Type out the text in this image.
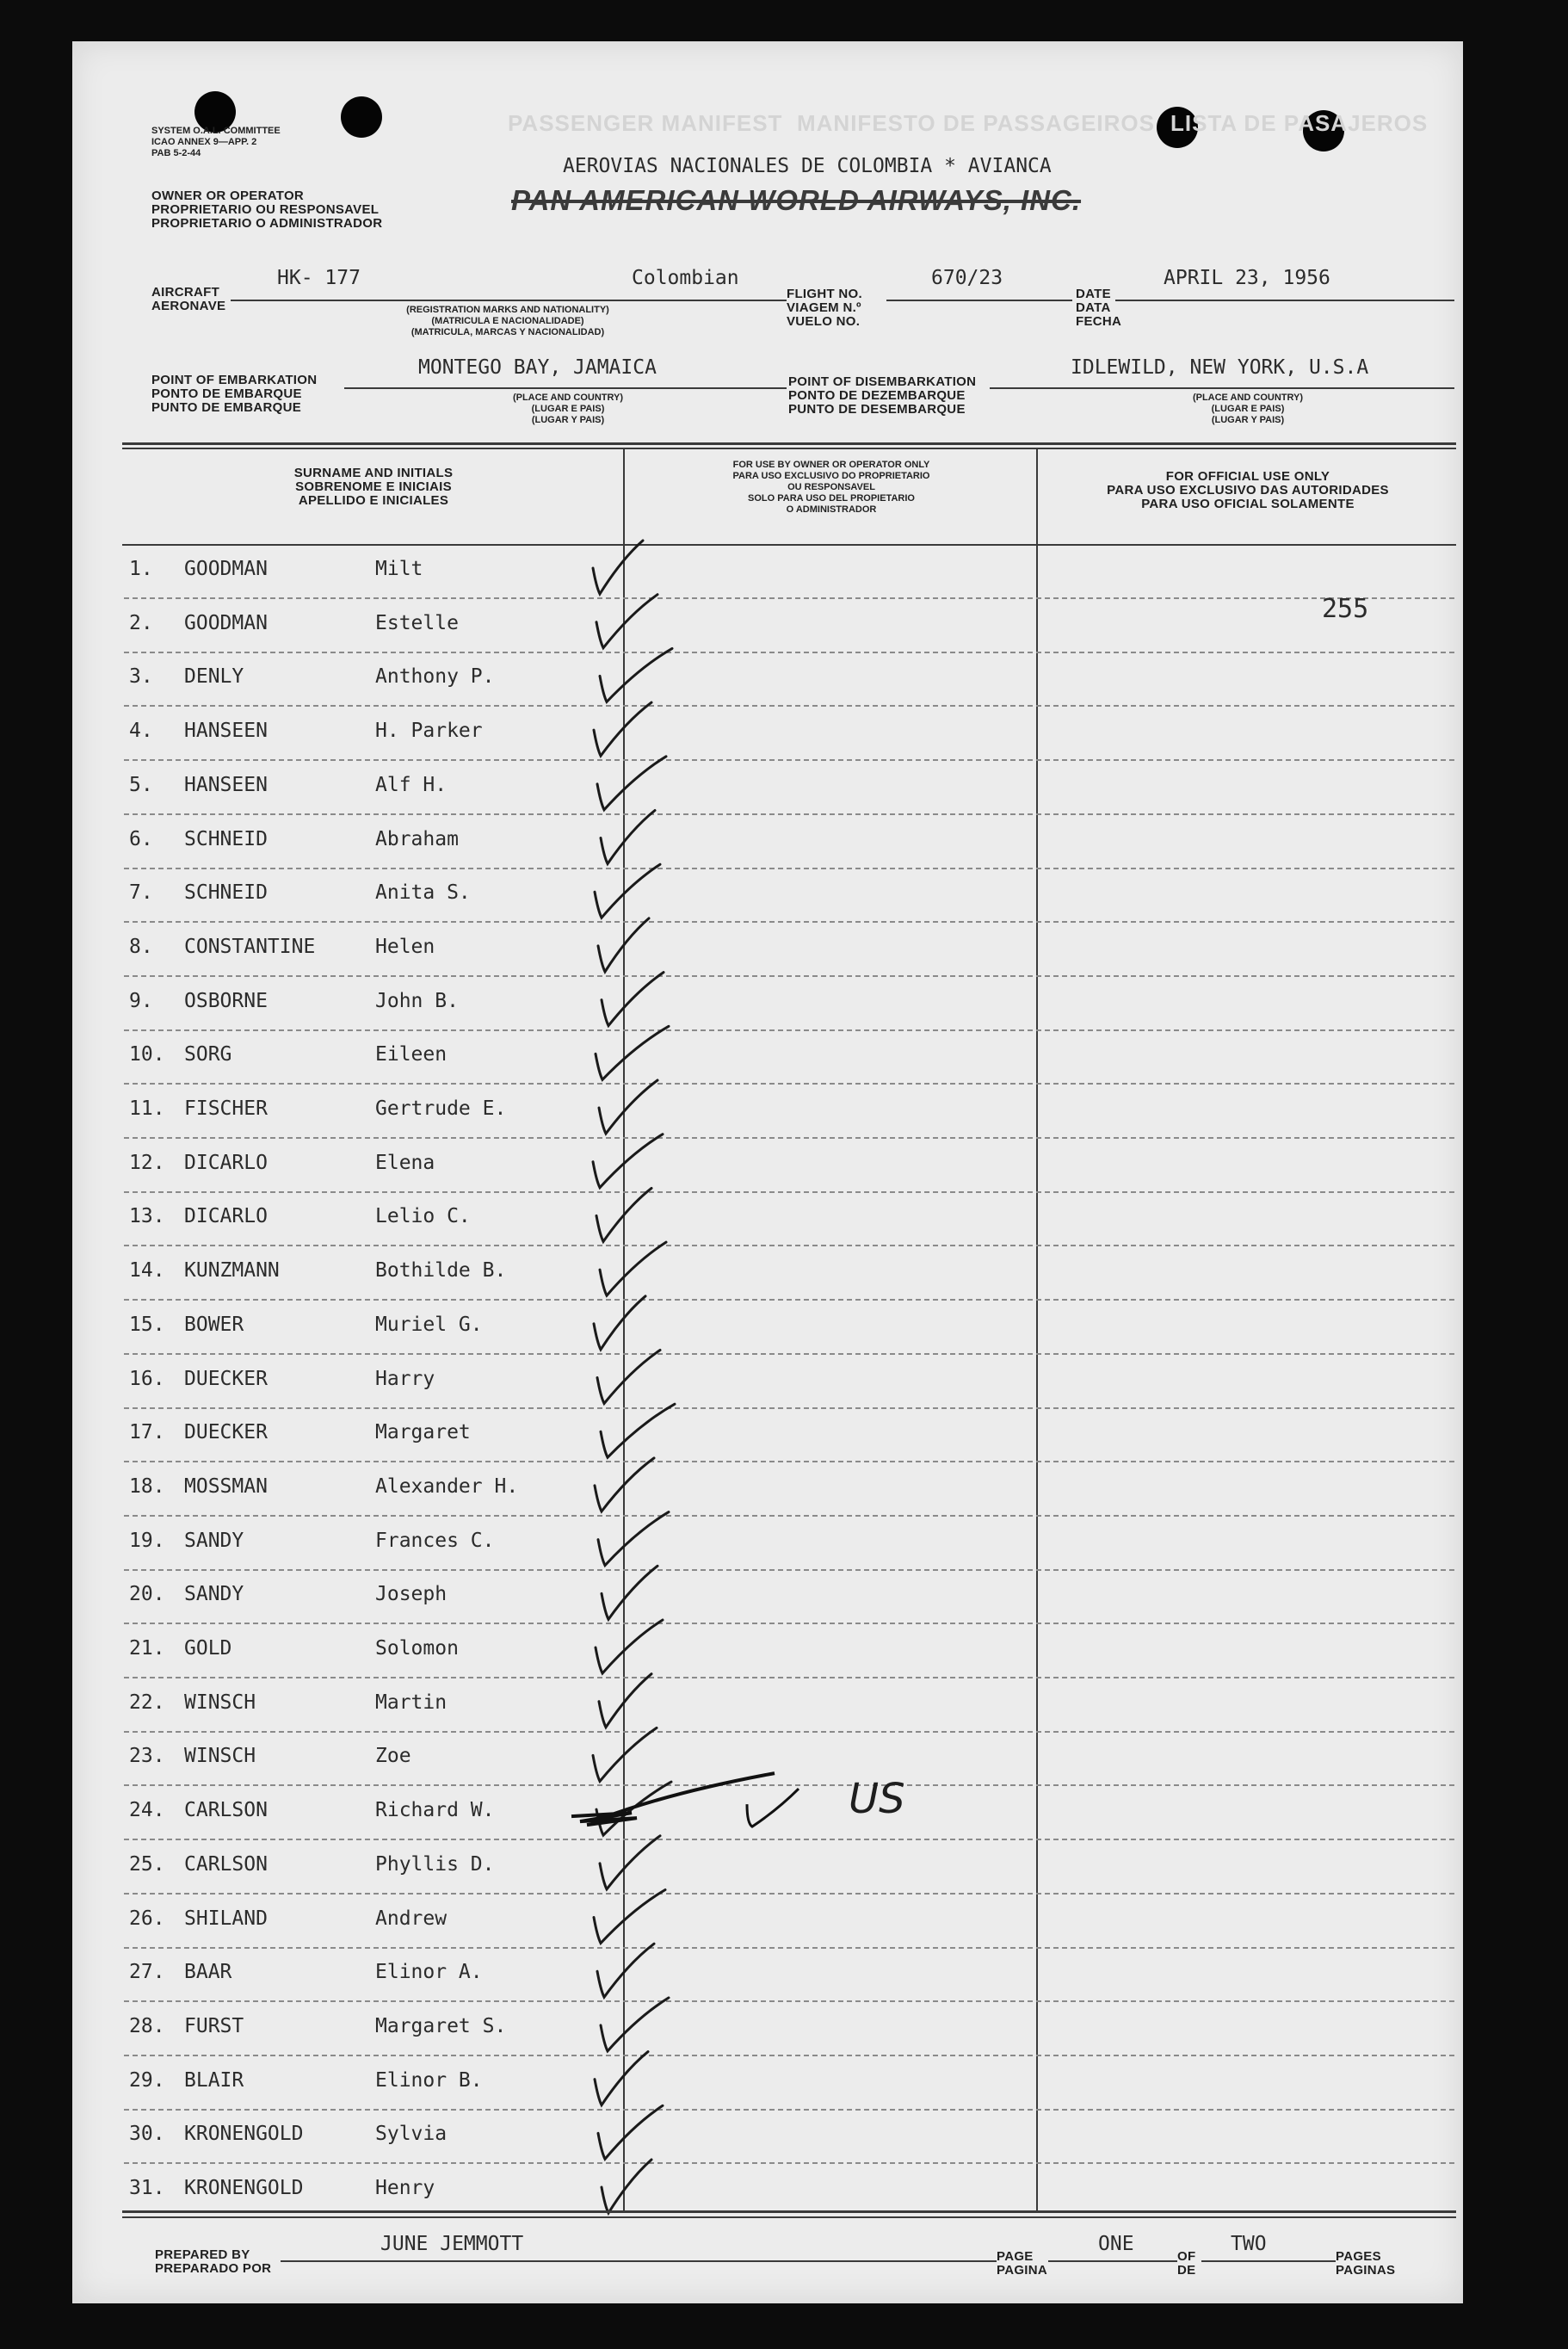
SYSTEM O.A.L. COMMITTEE
ICAO ANNEX 9—APP. 2
PAB 5-2-44
OWNER OR OPERATOR
PROPRIETARIO OU RESPONSAVEL
PROPRIETARIO O ADMINISTRADOR
PASSENGER MANIFEST MANIFESTO DE PASSAGEIROS LISTA DE PASAJEROS
AEROVIAS NACIONALES DE COLOMBIA * AVIANCA
PAN AMERICAN WORLD AIRWAYS, INC.
AIRCRAFT
AERONAVE
HK- 177	Colombian
(REGISTRATION MARKS AND NATIONALITY)
(MATRICULA E NACIONALIDADE)
(MATRICULA, MARCAS Y NACIONALIDAD)
FLIGHT NO.
VIAGEM N.º
VUELO NO.
670/23
DATE
DATA
FECHA
APRIL 23, 1956
POINT OF EMBARKATION
PONTO DE EMBARQUE
PUNTO DE EMBARQUE
MONTEGO BAY, JAMAICA
(PLACE AND COUNTRY)
(LUGAR E PAIS)
(LUGAR Y PAIS)
POINT OF DISEMBARKATION
PONTO DE DEZEMBARQUE
PUNTO DE DESEMBARQUE
IDLEWILD, NEW YORK, U.S.A
(PLACE AND COUNTRY)
(LUGAR E PAIS)
(LUGAR Y PAIS)
SURNAME AND INITIALS
SOBRENOME E INICIAIS
APELLIDO E INICIALES
FOR USE BY OWNER OR OPERATOR ONLY
PARA USO EXCLUSIVO DO PROPRIETARIO
OU RESPONSAVEL
SOLO PARA USO DEL PROPIETARIO
O ADMINISTRADOR
FOR OFFICIAL USE ONLY
PARA USO EXCLUSIVO DAS AUTORIDADES
PARA USO OFICIAL SOLAMENTE
1. GOODMAN	Milt
2. GOODMAN	Estelle
3. DENLY	Anthony P.
4. HANSEEN	H. Parker
5. HANSEEN	Alf H.
6. SCHNEID	Abraham
7. SCHNEID	Anita S.
8. CONSTANTINE	Helen
9. OSBORNE	John B.
10. SORG	Eileen
11. FISCHER	Gertrude E.
12. DICARLO	Elena
13. DICARLO	Lelio C.
14. KUNZMANN	Bothilde B.
15. BOWER	Muriel G.
16. DUECKER	Harry
17. DUECKER	Margaret
18. MOSSMAN	Alexander H.
19. SANDY	Frances C.
20. SANDY	Joseph
21. GOLD	Solomon
22. WINSCH	Martin
23. WINSCH	Zoe
24. CARLSON	Richard W.
25. CARLSON	Phyllis D.
26. SHILAND	Andrew
27. BAAR	Elinor A.
28. FURST	Margaret S.
29. BLAIR	Elinor B.
30. KRONENGOLD	Sylvia
31. KRONENGOLD	Henry
255
US
PREPARED BY
PREPARADO POR
JUNE JEMMOTT
PAGE
PAGINA
ONE
OF
DE
TWO
PAGES
PAGINAS
